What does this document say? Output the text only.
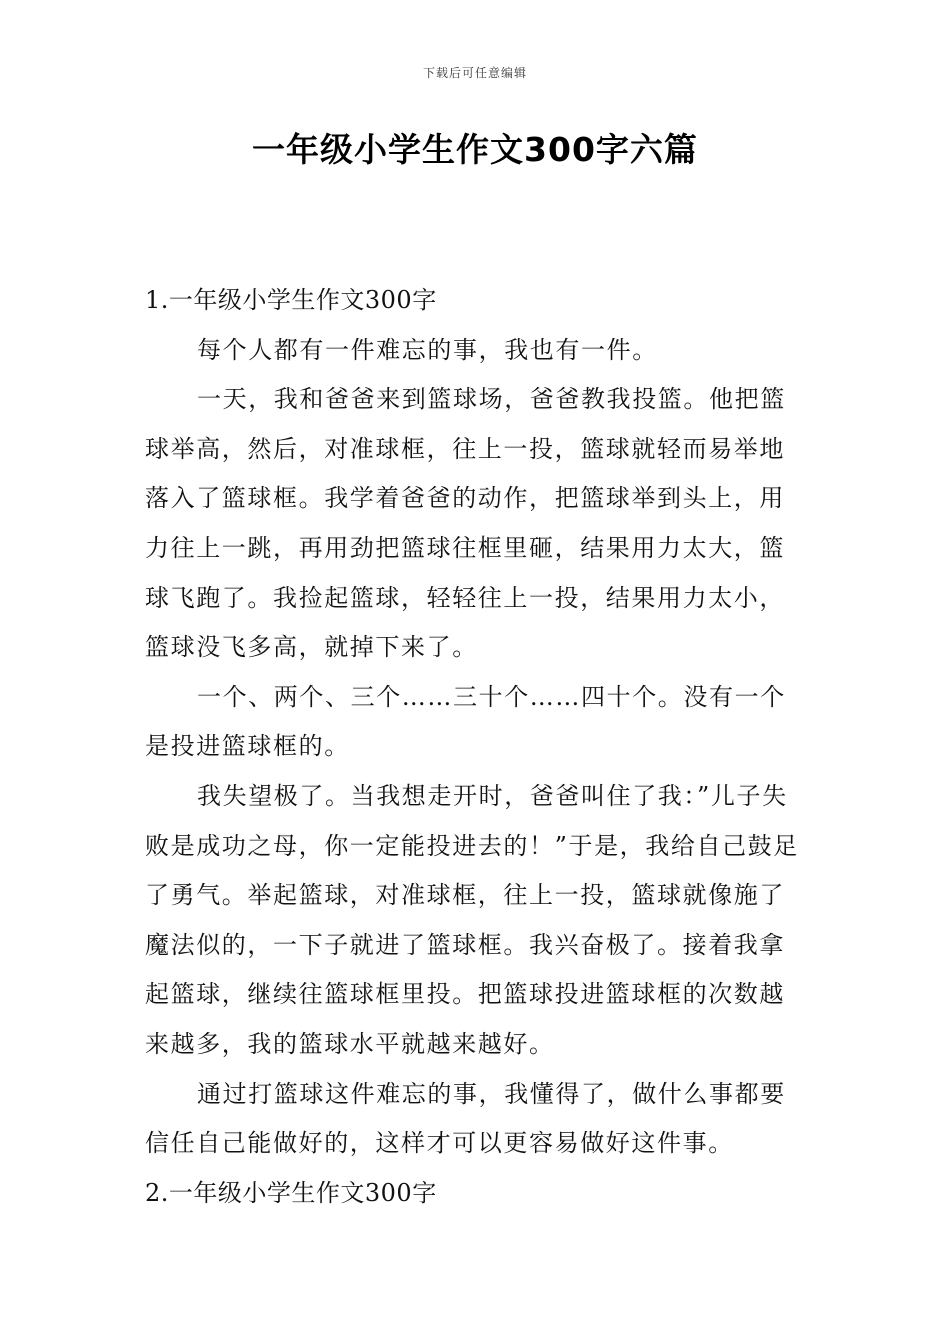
下载后可任意编辑
一年级小学生作文300字六篇

1.一年级小学生作文300字

每个人都有一件难忘的事，我也有一件。

一天，我和爸爸来到篮球场，爸爸教我投篮。他把篮球举高，然后，对准球框，往上一投，篮球就轻而易举地落入了篮球框。我学着爸爸的动作，把篮球举到头上，用力往上一跳，再用劲把篮球往框里砸，结果用力太大，篮球飞跑了。我捡起篮球，轻轻往上一投，结果用力太小，篮球没飞多高，就掉下来了。

一个、两个、三个……三十个……四十个。没有一个是投进篮球框的。

我失望极了。当我想走开时，爸爸叫住了我：”儿子失败是成功之母，你一定能投进去的！”于是，我给自己鼓足了勇气。举起篮球，对准球框，往上一投，篮球就像施了魔法似的，一下子就进了篮球框。我兴奋极了。接着我拿起篮球，继续往篮球框里投。把篮球投进篮球框的次数越来越多，我的篮球水平就越来越好。

通过打篮球这件难忘的事，我懂得了，做什么事都要信任自己能做好的，这样才可以更容易做好这件事。

2.一年级小学生作文300字
